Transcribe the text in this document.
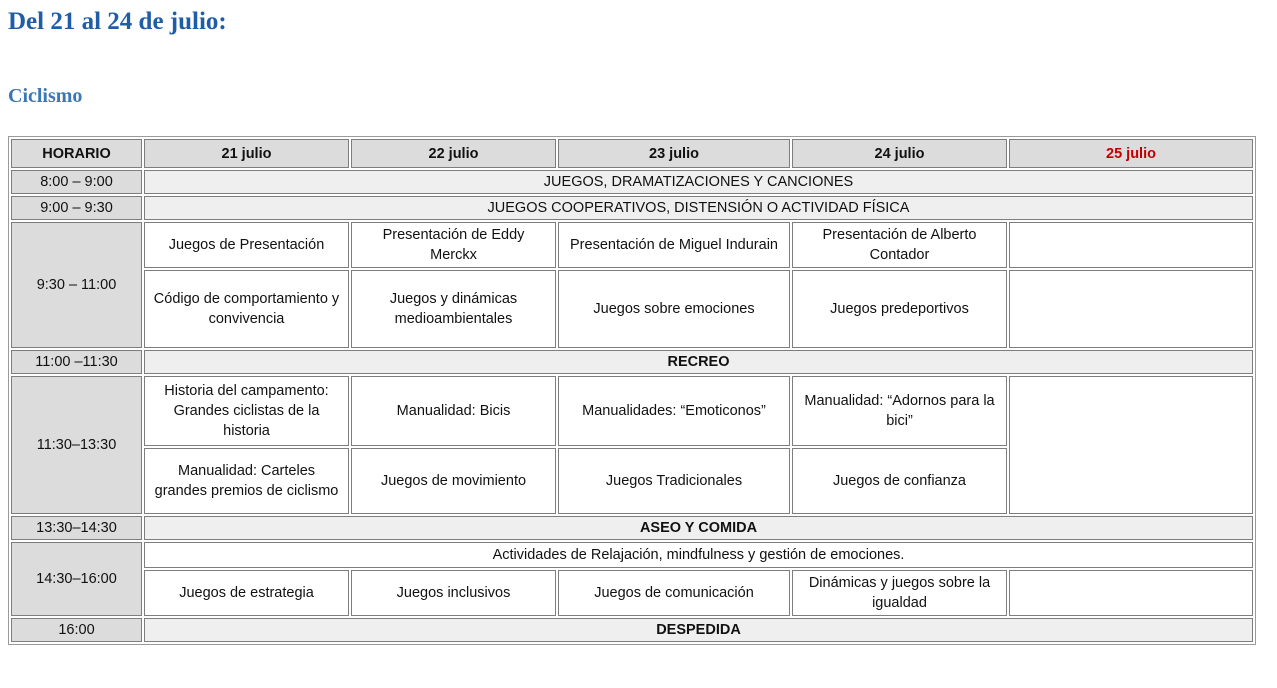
Del 21 al 24 de julio:
Ciclismo
HORARIO	21 julio	22 julio	23 julio	24 julio	25 julio
8:00 – 9:00	JUEGOS, DRAMATIZACIONES Y CANCIONES				
9:00 – 9:30	JUEGOS COOPERATIVOS, DISTENSIÓN O ACTIVIDAD FÍSICA				
9:30 – 11:00	Juegos de Presentación	Presentación de Eddy Merckx	Presentación de Miguel Indurain	Presentación de Alberto Contador	
	Código de comportamiento y convivencia	Juegos y dinámicas medioambientales	Juegos sobre emociones	Juegos predeportivos	
11:00 –11:30	RECREO				
11:30–13:30	Historia del campamento: Grandes ciclistas de la historia	Manualidad: Bicis	Manualidades: “Emoticonos”	Manualidad: “Adornos para la bici”	
	Manualidad: Carteles grandes premios de ciclismo	Juegos de movimiento	Juegos Tradicionales	Juegos de confianza	
13:30–14:30	ASEO Y COMIDA				
14:30–16:00	Actividades de Relajación, mindfulness y gestión de emociones.				
	Juegos de estrategia	Juegos inclusivos	Juegos de comunicación	Dinámicas y juegos sobre la igualdad	
16:00	DESPEDIDA				
